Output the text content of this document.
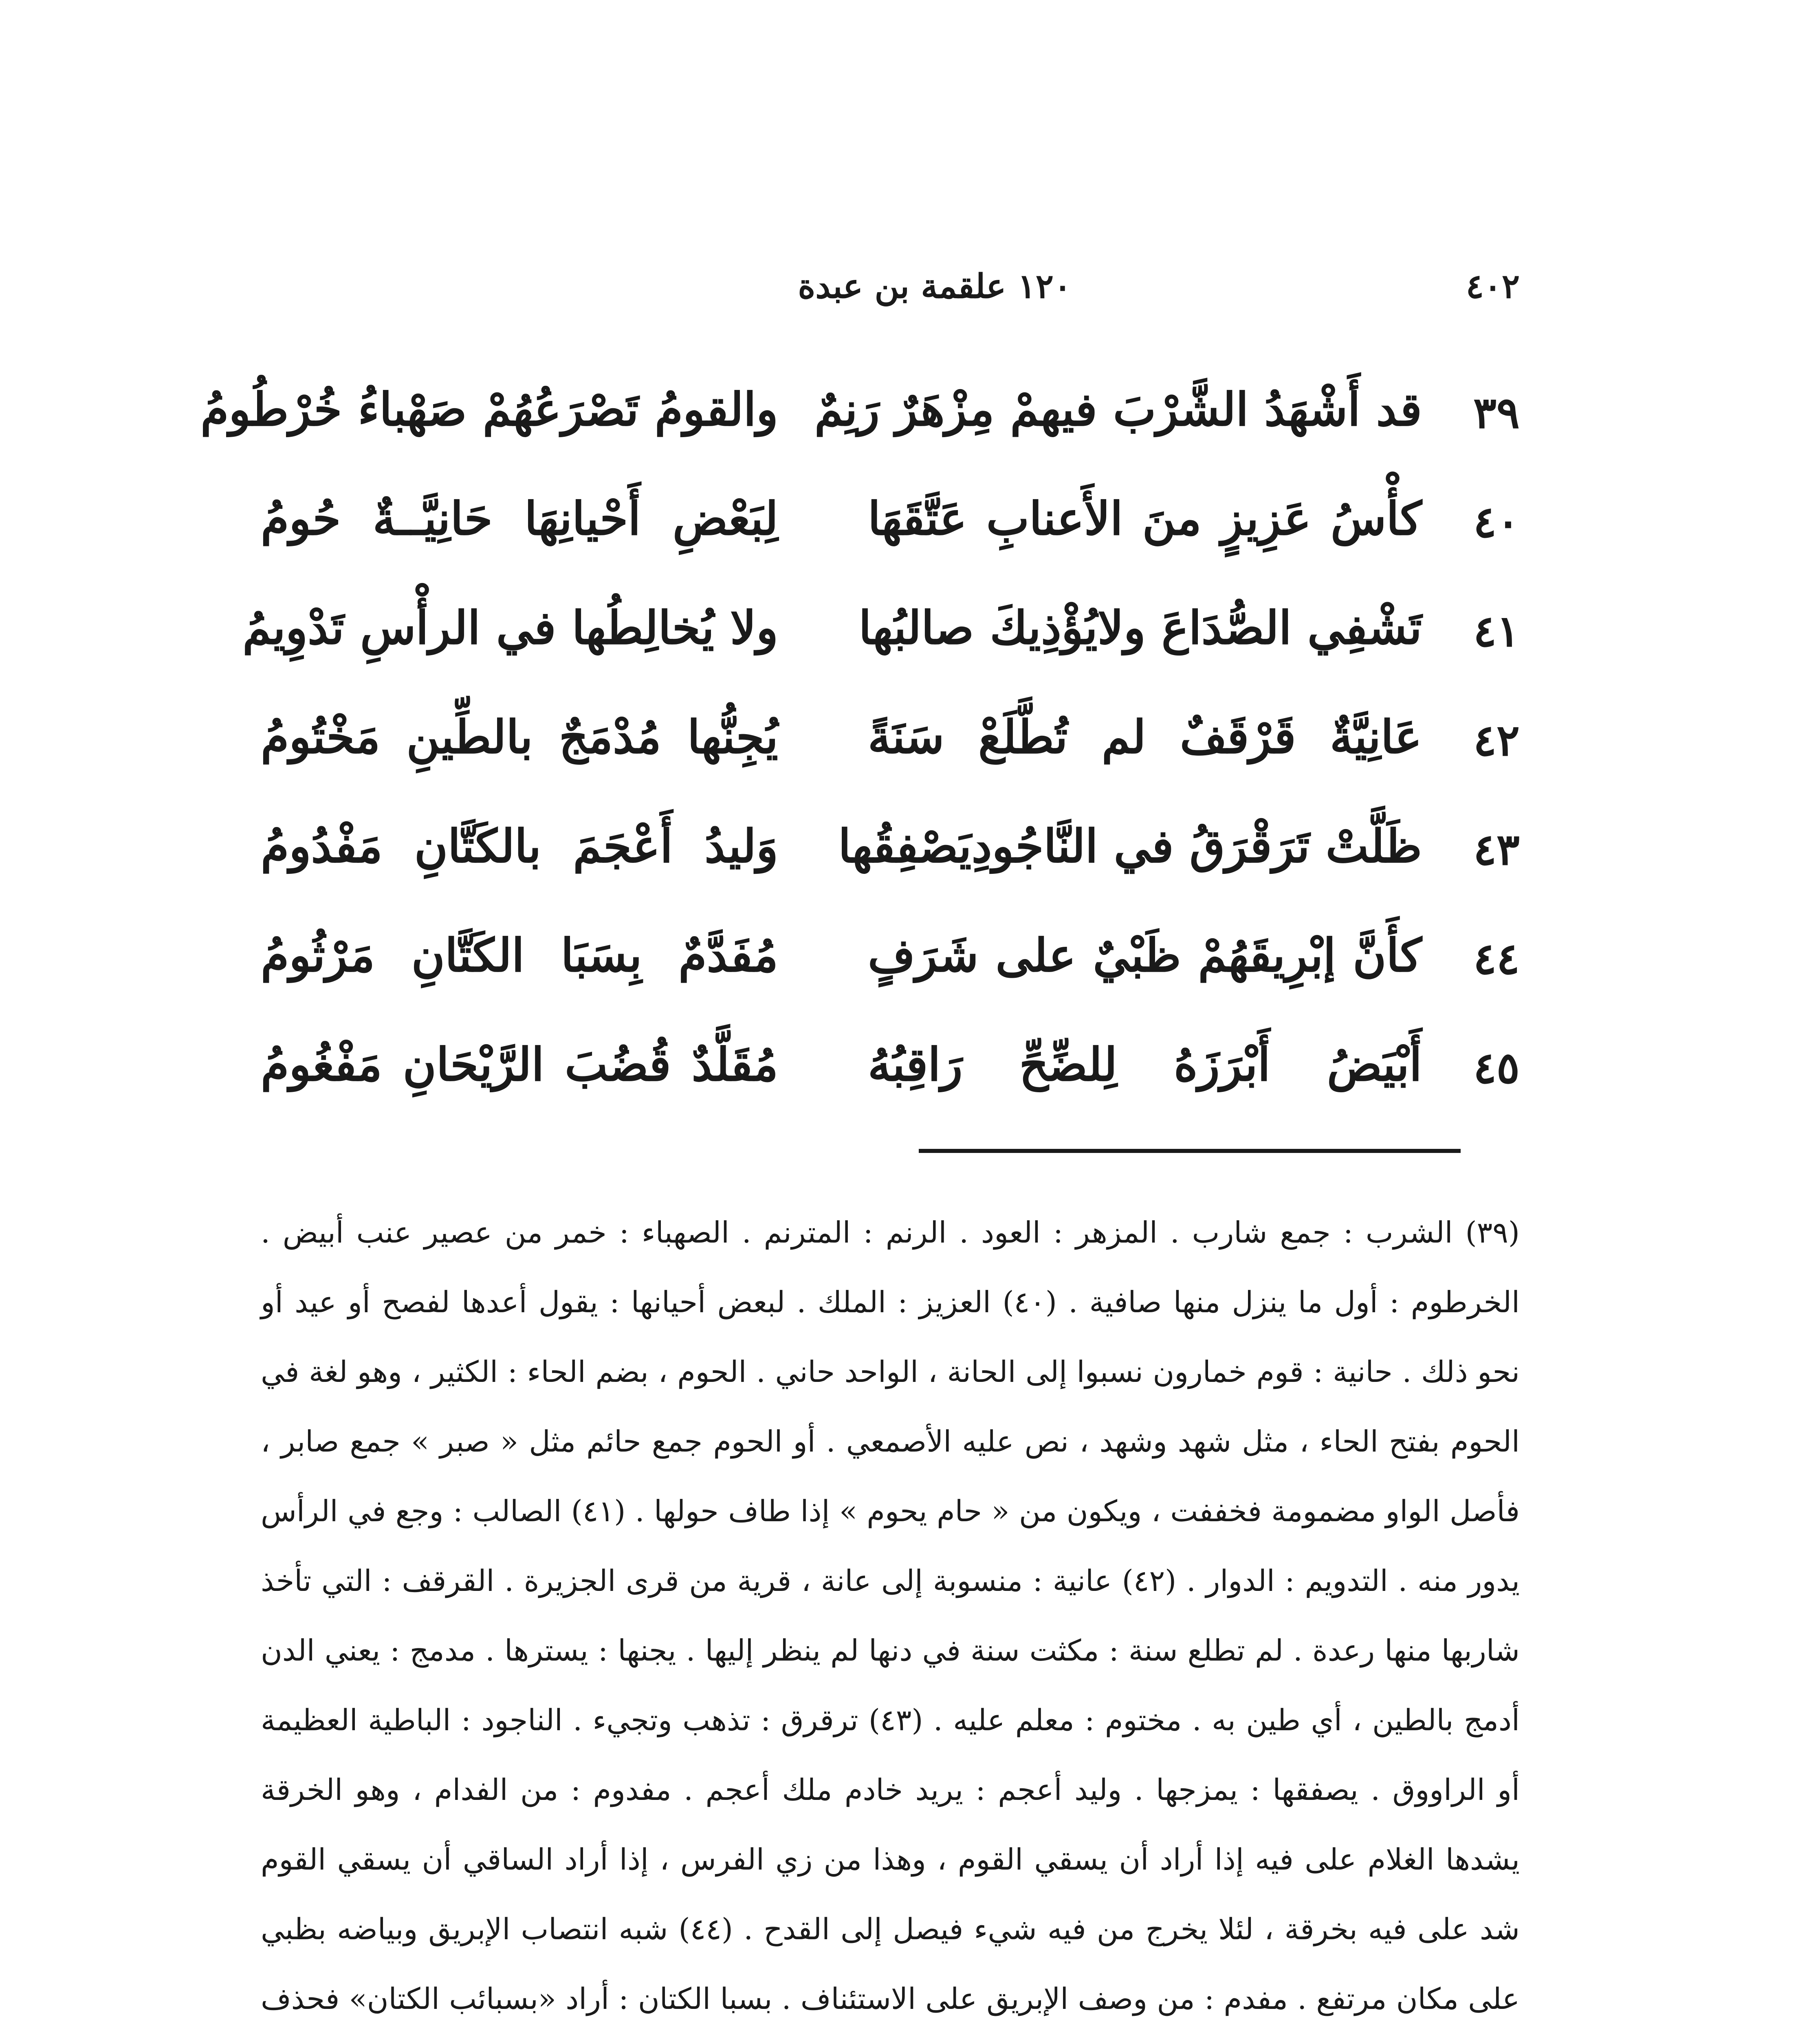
٤٠٢
١٢٠ علقمة بن عبدة
٣٩
قد أَشْهَدُ الشَّرْبَ فيهمْ مِزْهَرٌ رَنِمٌ
والقومُ تَصْرَعُهُمْ صَهْباءُ خُرْطُومُ
٤٠
كأْسُ عَزِيزٍ منَ الأَعنابِ عَتَّقَهَا
لِبَعْضِ أَحْيانِهَا حَانِيَّــةٌ حُومُ
٤١
تَشْفِي الصُّدَاعَ ولايُؤْذِيكَ صالبُها
ولا يُخالِطُها في الرأْسِ تَدْوِيمُ
٤٢
عَانِيَّةٌ قَرْقَفٌ لم تُطَّلَعْ سَنَةً
يُجِنُّها مُدْمَجٌ بالطِّينِ مَخْتُومُ
٤٣
ظَلَّتْ تَرَقْرَقُ في النَّاجُودِيَصْفِقُها
وَليدُ أَعْجَمَ بالكَتَّانِ مَفْدُومُ
٤٤
كأَنَّ إبْرِيقَهُمْ ظَبْيٌ على شَرَفٍ
مُفَدَّمٌ بِسَبَا الكَتَّانِ مَرْثُومُ
٤٥
أَبْيَضُ أَبْرَزَهُ لِلضِّحِّ رَاقِبُهُ
مُقَلَّدٌ قُضُبَ الرَّيْحَانِ مَفْغُومُ

(٣٩) الشرب : جمع شارب . المزهر : العود . الرنم : المترنم . الصهباء : خمر من عصير عنب أبيض . الخرطوم : أول ما ينزل منها صافية . (٤٠) العزيز : الملك . لبعض أحيانها : يقول أعدها لفصح أو عيد أو نحو ذلك . حانية : قوم خمارون نسبوا إلى الحانة ، الواحد حاني . الحوم ، بضم الحاء : الكثير ، وهو لغة في الحوم بفتح الحاء ، مثل شهد وشهد ، نص عليه الأصمعي . أو الحوم جمع حائم مثل « صبر » جمع صابر ، فأصل الواو مضمومة فخففت ، ويكون من « حام يحوم » إذا طاف حولها . (٤١) الصالب : وجع في الرأس يدور منه . التدويم : الدوار . (٤٢) عانية : منسوبة إلى عانة ، قرية من قرى الجزيرة . القرقف : التي تأخذ شاربها منها رعدة . لم تطلع سنة : مكثت سنة في دنها لم ينظر إليها . يجنها : يسترها . مدمج : يعني الدن أدمج بالطين ، أي طين به . مختوم : معلم عليه . (٤٣) ترقرق : تذهب وتجيء . الناجود : الباطية العظيمة أو الراووق . يصفقها : يمزجها . وليد أعجم : يريد خادم ملك أعجم . مفدوم : من الفدام ، وهو الخرقة يشدها الغلام على فيه إذا أراد أن يسقي القوم ، وهذا من زي الفرس ، إذا أراد الساقي أن يسقي القوم شد على فيه بخرقة ، لئلا يخرج من فيه شيء فيصل إلى القدح . (٤٤) شبه انتصاب الإبريق وبياضه بظبي على مكان مرتفع . مفدم : من وصف الإبريق على الاستئناف . بسبا الكتان : أراد «بسبائب الكتان» فحذف
